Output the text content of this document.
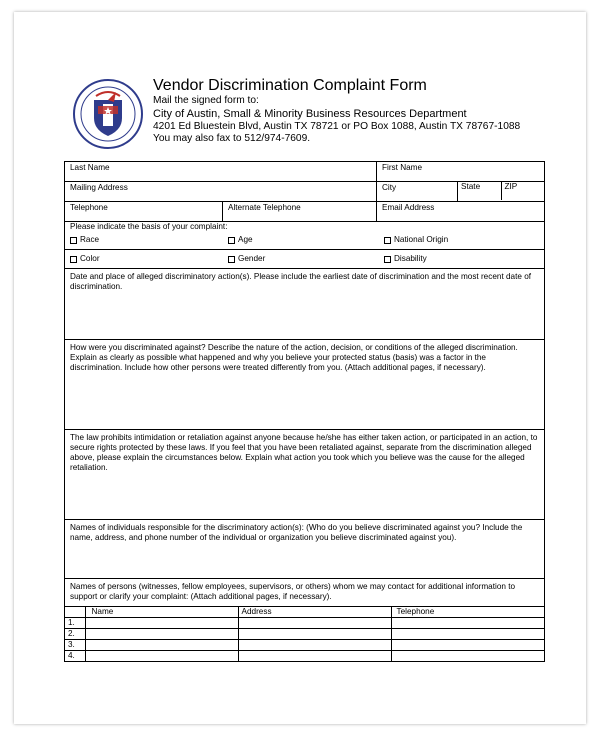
Vendor Discrimination Complaint Form
Mail the signed form to:
City of Austin, Small & Minority Business Resources Department
4201 Ed Bluestein Blvd, Austin TX 78721 or PO Box 1088, Austin TX 78767-1088
You may also fax to 512/974-7609.
Last Name	First Name
Mailing Address	City		State	ZIP

Telephone	Alternate Telephone	Email Address

Please indicate the basis of your complaint:
Race	Age	National Origin
Color	Gender	Disability

Date and place of alleged discriminatory action(s). Please include the earliest date of discrimination and the most recent date of discrimination.
How were you discriminated against? Describe the nature of the action, decision, or conditions of the alleged discrimination. Explain as clearly as possible what happened and why you believe your protected status (basis) was a factor in the discrimination. Include how other persons were treated differently from you. (Attach additional pages, if necessary).
The law prohibits intimidation or retaliation against anyone because he/she has either taken action, or participated in an action, to secure rights protected by these laws. If you feel that you have been retaliated against, separate from the discrimination alleged above, please explain the circumstances below. Explain what action you took which you believe was the cause for the alleged retaliation.
Names of individuals responsible for the discriminatory action(s): (Who do you believe discriminated against you? Include the name, address, and phone number of the individual or organization you believe discriminated against you).
Names of persons (witnesses, fellow employees, supervisors, or others) whom we may contact for additional information to support or clarify your complaint: (Attach additional pages, if necessary).

	Name	Address	Telephone
1.			
2.			
3.			
4.			
